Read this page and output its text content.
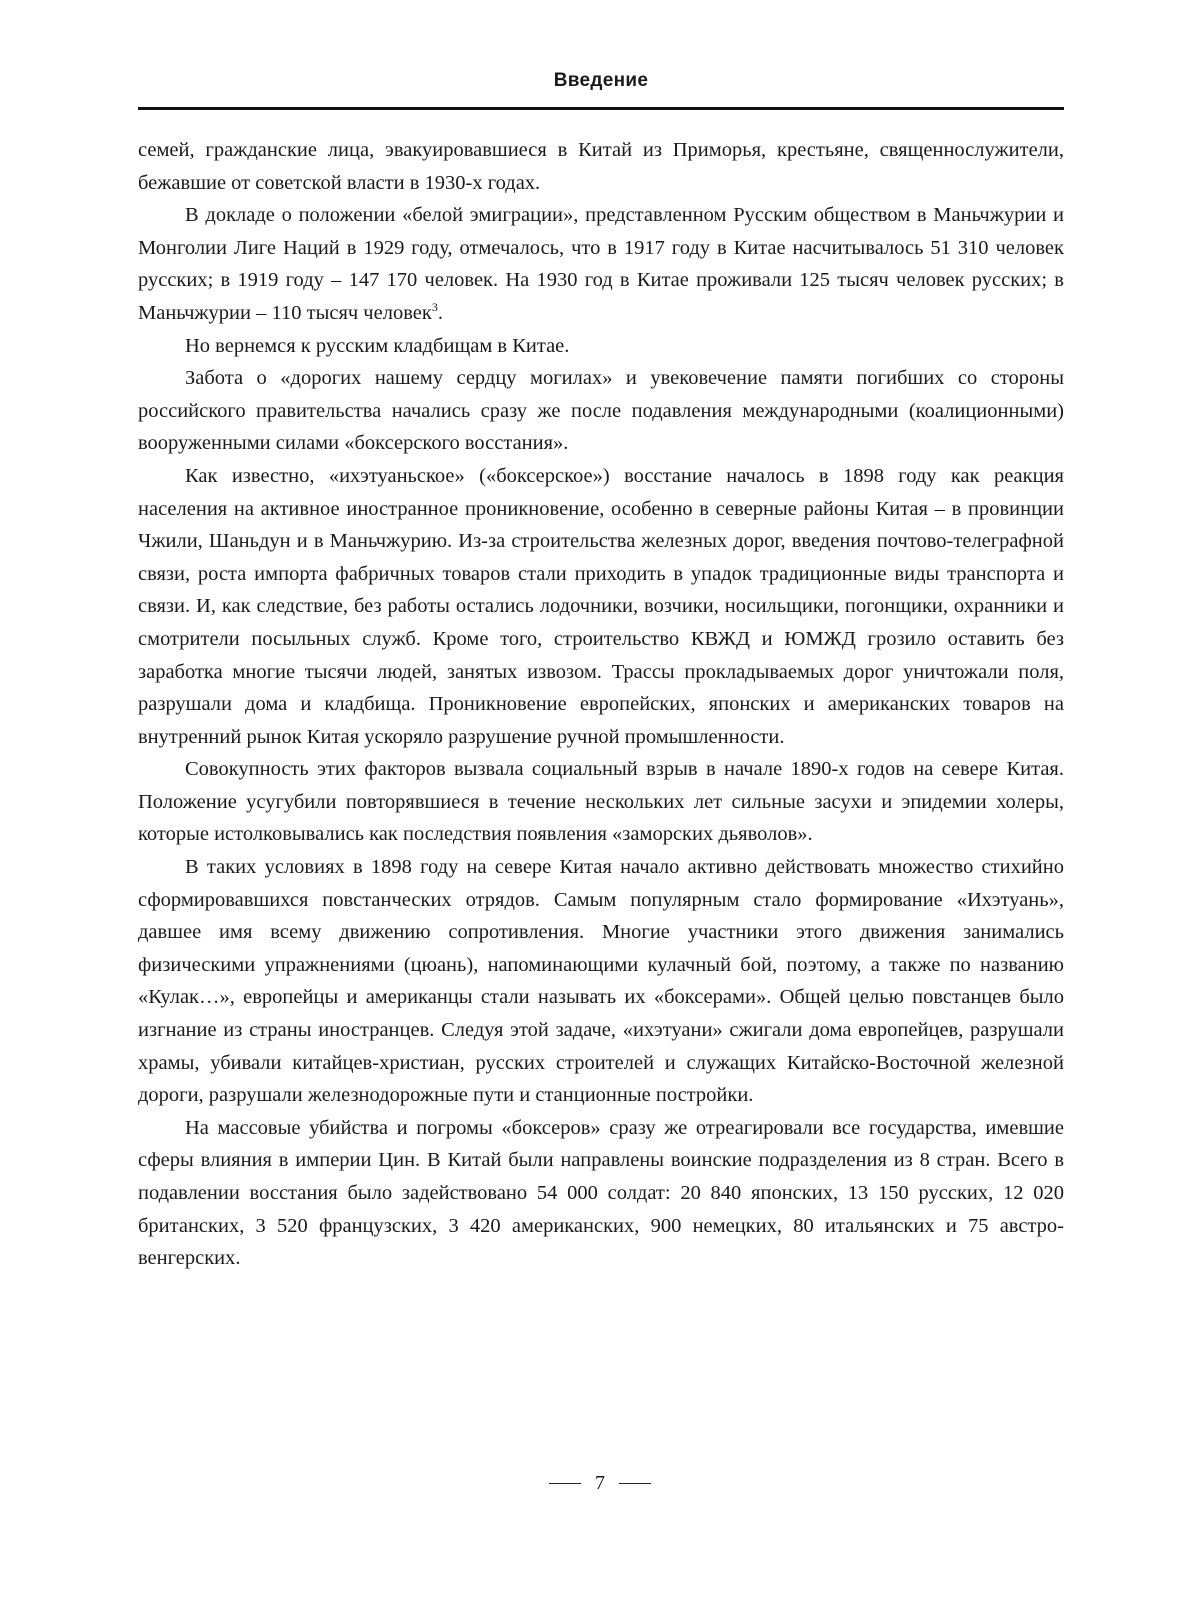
Введение

семей, гражданские лица, эвакуировавшиеся в Китай из Приморья, крестьяне, священнослужители, бежавшие от советской власти в 1930-х годах.

В докладе о положении «белой эмиграции», представленном Русским обществом в Маньчжурии и Монголии Лиге Наций в 1929 году, отмечалось, что в 1917 году в Китае насчитывалось 51 310 человек русских; в 1919 году – 147 170 человек. На 1930 год в Китае проживали 125 тысяч человек русских; в Маньчжурии – 110 тысяч человек$^3$.

Но вернемся к русским кладбищам в Китае.

Забота о «дорогих нашему сердцу могилах» и увековечение памяти погибших со стороны российского правительства начались сразу же после подавления международными (коалиционными) вооруженными силами «боксерского восстания».

Как известно, «ихэтуаньское» («боксерское») восстание началось в 1898 году как реакция населения на активное иностранное проникновение, особенно в северные районы Китая – в провинции Чжили, Шаньдун и в Маньчжурию. Из-за строительства железных дорог, введения почтово-телеграфной связи, роста импорта фабричных товаров стали приходить в упадок традиционные виды транспорта и связи. И, как следствие, без работы остались лодочники, возчики, носильщики, погонщики, охранники и смотрители посыльных служб. Кроме того, строительство КВЖД и ЮМЖД грозило оставить без заработка многие тысячи людей, занятых извозом. Трассы прокладываемых дорог уничтожали поля, разрушали дома и кладбища. Проникновение европейских, японских и американских товаров на внутренний рынок Китая ускоряло разрушение ручной промышленности.

Совокупность этих факторов вызвала социальный взрыв в начале 1890-х годов на севере Китая. Положение усугубили повторявшиеся в течение нескольких лет сильные засухи и эпидемии холеры, которые истолковывались как последствия появления «заморских дьяволов».

В таких условиях в 1898 году на севере Китая начало активно действовать множество стихийно сформировавшихся повстанческих отрядов. Самым популярным стало формирование «Ихэтуань», давшее имя всему движению сопротивления. Многие участники этого движения занимались физическими упражнениями (цюань), напоминающими кулачный бой, поэтому, а также по названию «Кулак…», европейцы и американцы стали называть их «боксерами». Общей целью повстанцев было изгнание из страны иностранцев. Следуя этой задаче, «ихэтуани» сжигали дома европейцев, разрушали храмы, убивали китайцев-христиан, русских строителей и служащих Китайско-Восточной железной дороги, разрушали железнодорожные пути и станционные постройки.

На массовые убийства и погромы «боксеров» сразу же отреагировали все государства, имевшие сферы влияния в империи Цин. В Китай были направлены воинские подразделения из 8 стран. Всего в подавлении восстания было задействовано 54 000 солдат: 20 840 японских, 13 150 русских, 12 020 британских, 3 520 французских, 3 420 американских, 900 немецких, 80 итальянских и 75 австро-венгерских.

7
